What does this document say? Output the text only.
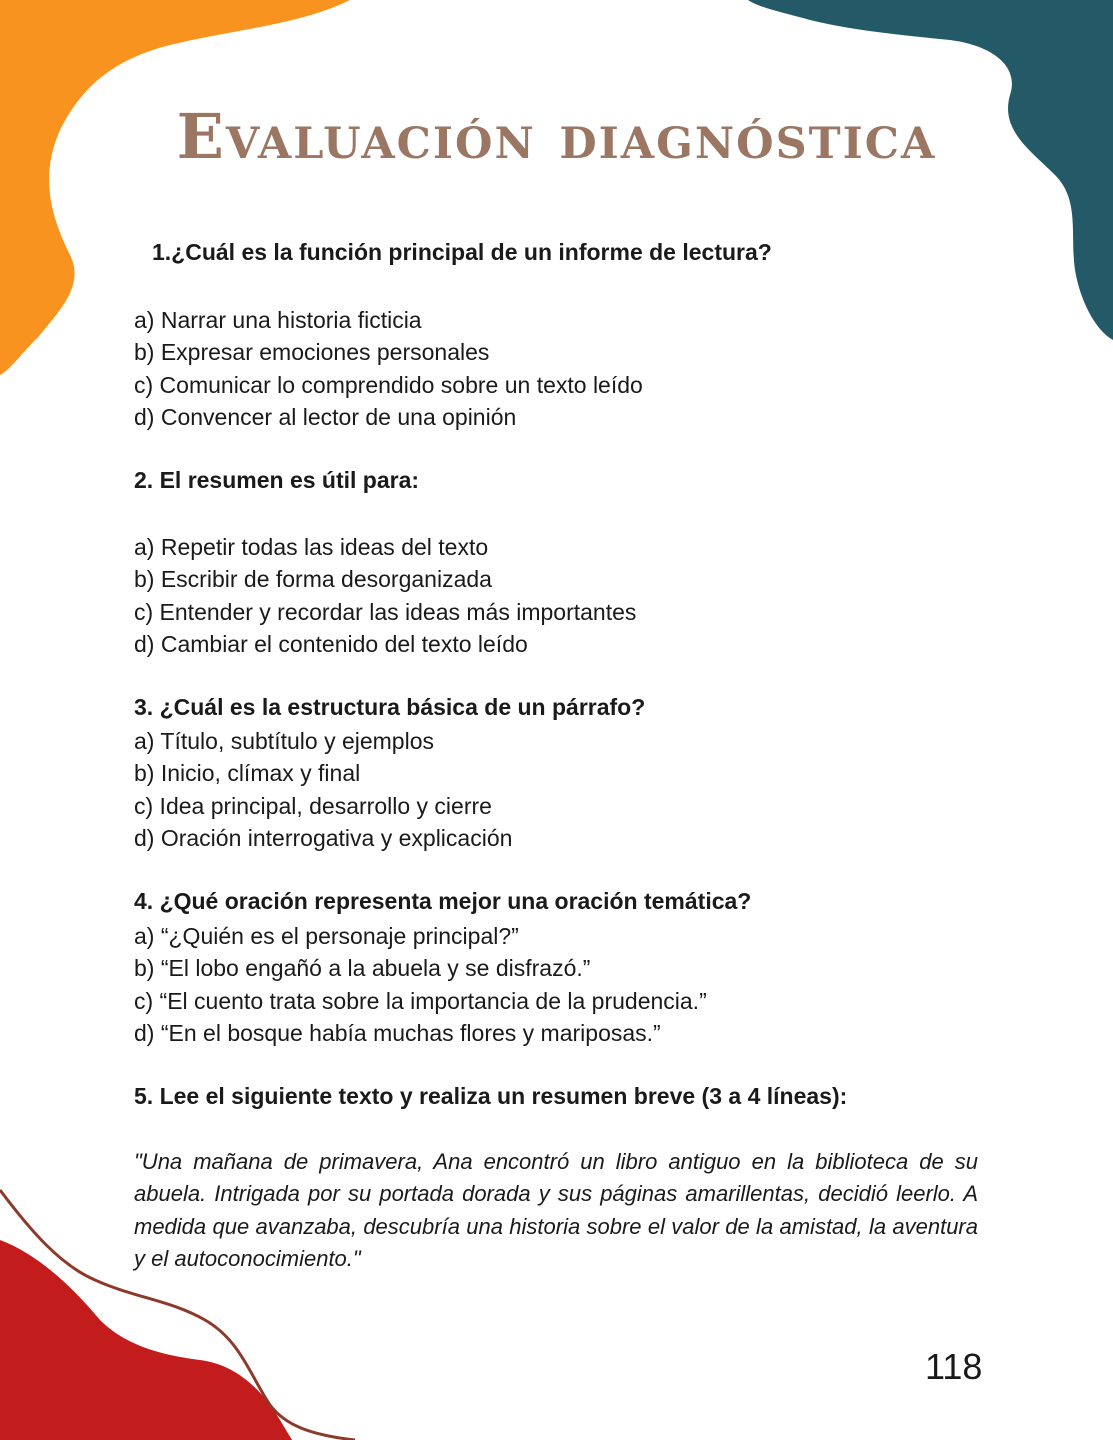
Evaluación diagnóstica

1.¿Cuál es la función principal de un informe de lectura?

a) Narrar una historia ficticia
b) Expresar emociones personales
c) Comunicar lo comprendido sobre un texto leído
d) Convencer al lector de una opinión

2. El resumen es útil para:

a) Repetir todas las ideas del texto
b) Escribir de forma desorganizada
c) Entender y recordar las ideas más importantes
d) Cambiar el contenido del texto leído

3. ¿Cuál es la estructura básica de un párrafo?

a) Título, subtítulo y ejemplos
b) Inicio, clímax y final
c) Idea principal, desarrollo y cierre
d) Oración interrogativa y explicación

4. ¿Qué oración representa mejor una oración temática?

a) “¿Quién es el personaje principal?”
b) “El lobo engañó a la abuela y se disfrazó.”
c) “El cuento trata sobre la importancia de la prudencia.”
d) “En el bosque había muchas flores y mariposas.”

5. Lee el siguiente texto y realiza un resumen breve (3 a 4 líneas):

"Una mañana de primavera, Ana encontró un libro antiguo en la biblioteca de su abuela. Intrigada por su portada dorada y sus páginas amarillentas, decidió leerlo. A medida que avanzaba, descubría una historia sobre el valor de la amistad, la aventura y el autoconocimiento."

118
